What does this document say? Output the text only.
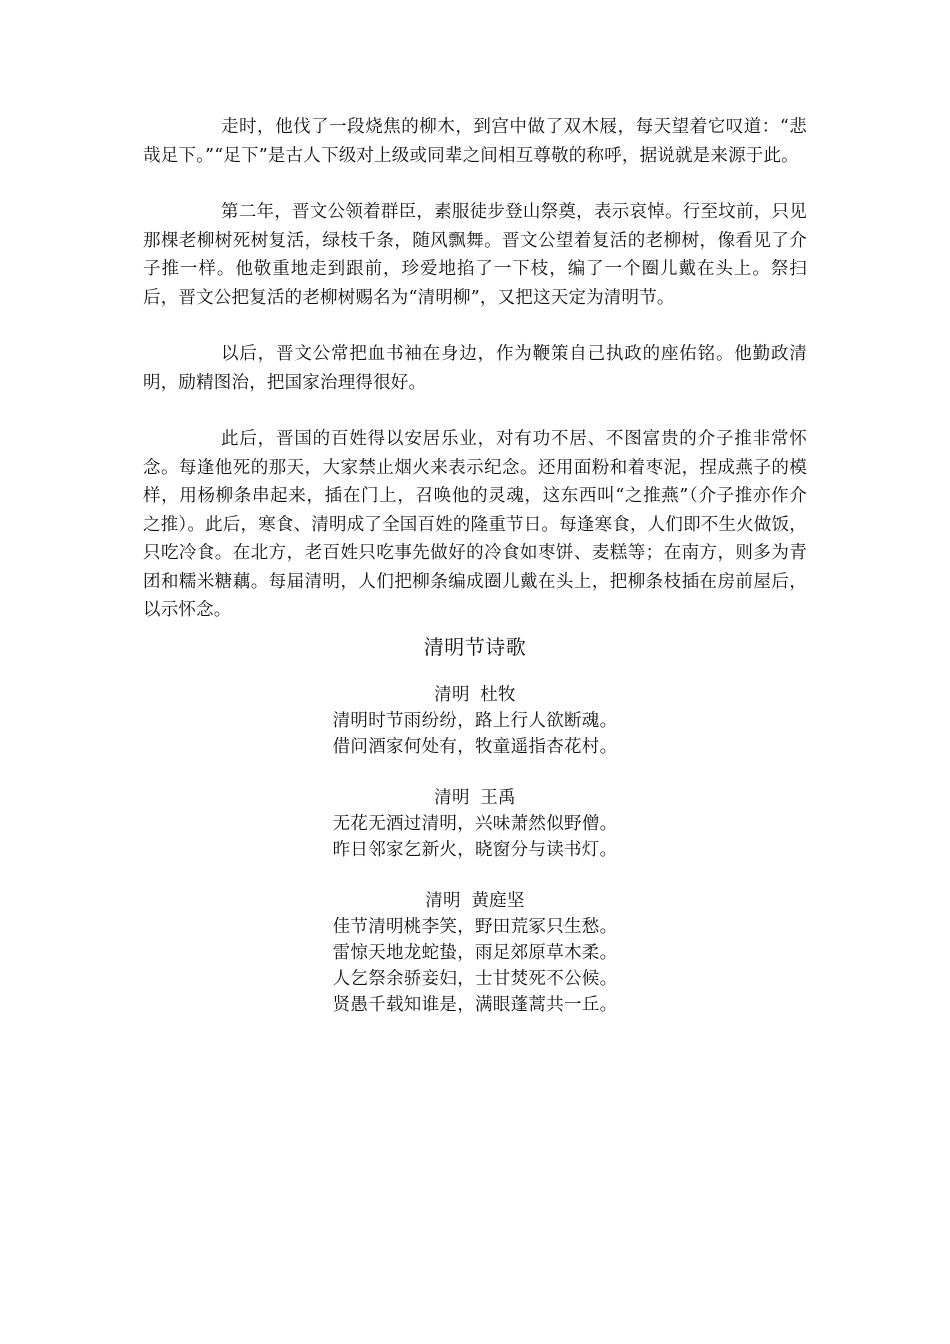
走时，他伐了一段烧焦的柳木，到宫中做了双木屐，每天望着它叹道：“悲哉足下。”“足下”是古人下级对上级或同辈之间相互尊敬的称呼，据说就是来源于此。

第二年，晋文公领着群臣，素服徒步登山祭奠，表示哀悼。行至坟前，只见那棵老柳树死树复活，绿枝千条，随风飘舞。晋文公望着复活的老柳树，像看见了介子推一样。他敬重地走到跟前，珍爱地掐了一下枝，编了一个圈儿戴在头上。祭扫后，晋文公把复活的老柳树赐名为“清明柳”，又把这天定为清明节。

以后，晋文公常把血书袖在身边，作为鞭策自己执政的座佑铭。他勤政清明，励精图治，把国家治理得很好。

此后，晋国的百姓得以安居乐业，对有功不居、不图富贵的介子推非常怀念。每逢他死的那天，大家禁止烟火来表示纪念。还用面粉和着枣泥，捏成燕子的模样，用杨柳条串起来，插在门上，召唤他的灵魂，这东西叫“之推燕”（介子推亦作介之推）。此后，寒食、清明成了全国百姓的隆重节日。每逢寒食，人们即不生火做饭，只吃冷食。在北方，老百姓只吃事先做好的冷食如枣饼、麦糕等；在南方，则多为青团和糯米糖藕。每届清明，人们把柳条编成圈儿戴在头上，把柳条枝插在房前屋后，以示怀念。

清明节诗歌
清明 杜牧
清明时节雨纷纷，路上行人欲断魂。
借问酒家何处有，牧童遥指杏花村。
清明 王禹
无花无酒过清明，兴味萧然似野僧。
昨日邻家乞新火，晓窗分与读书灯。
清明 黄庭坚
佳节清明桃李笑，野田荒冢只生愁。
雷惊天地龙蛇蛰，雨足郊原草木柔。
人乞祭余骄妾妇，士甘焚死不公候。
贤愚千载知谁是，满眼蓬蒿共一丘。
